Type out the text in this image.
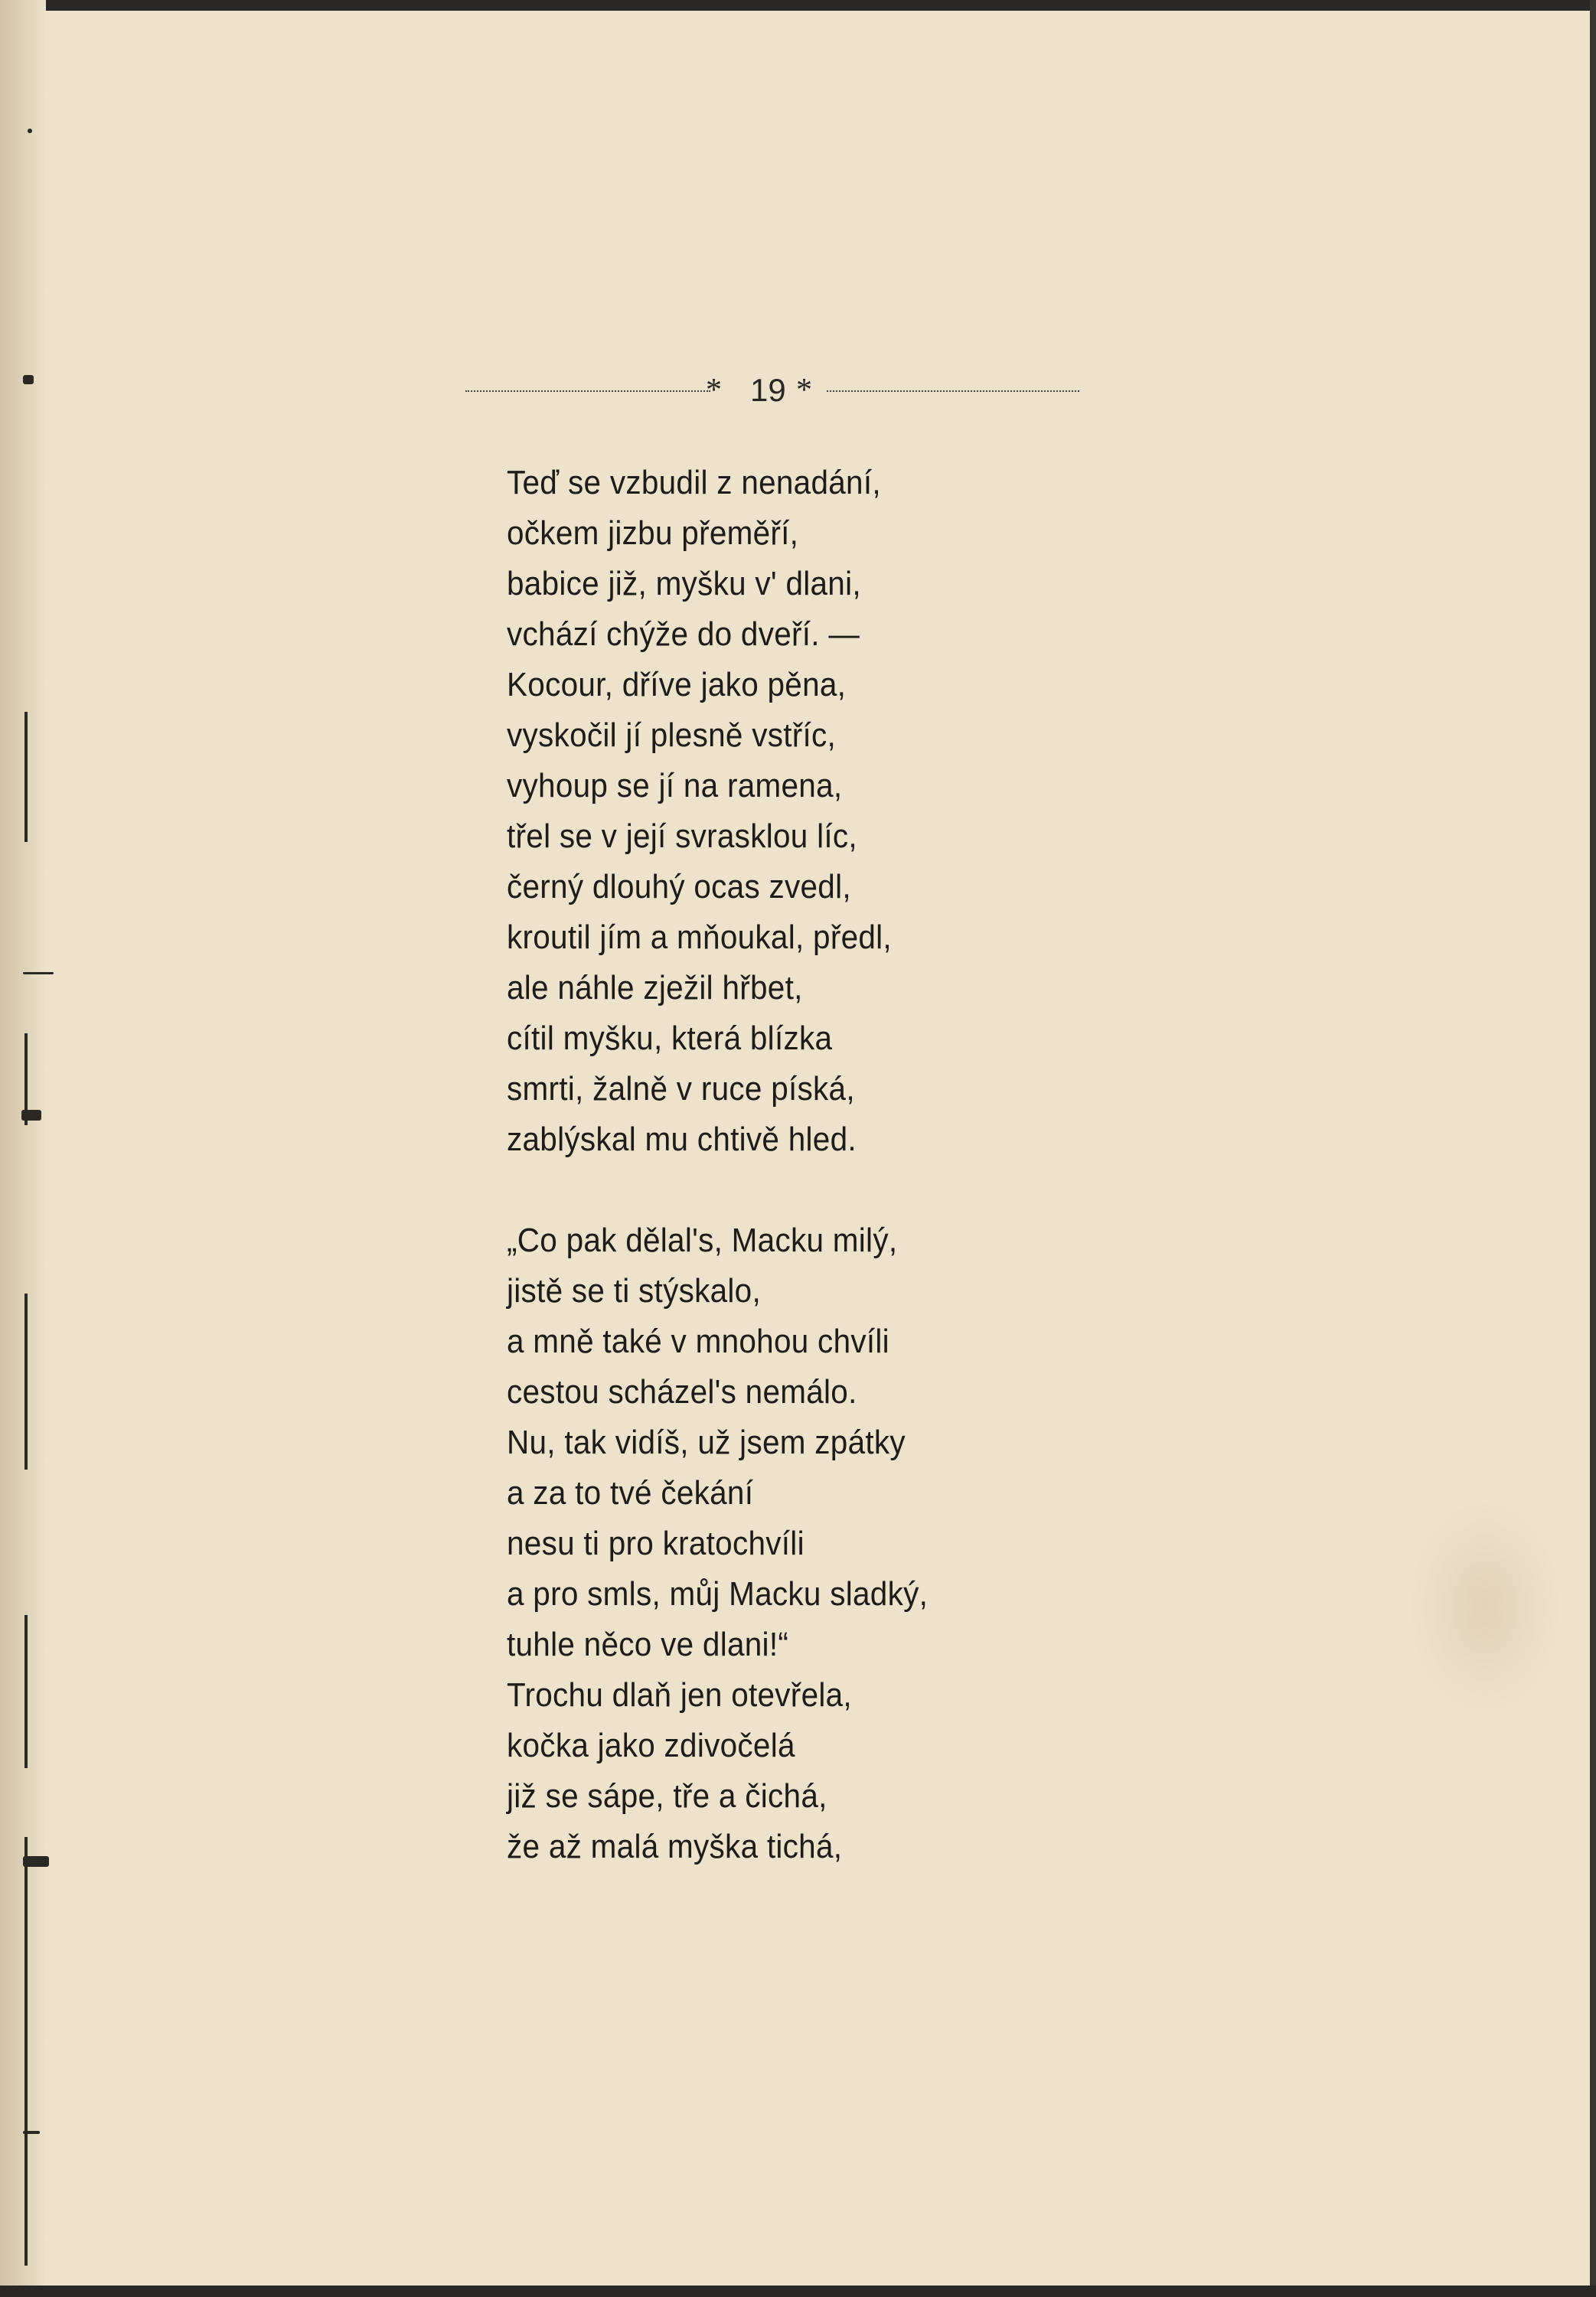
* 19 *
Teď se vzbudil z nenadání,
očkem jizbu přeměří,
babice již, myšku v' dlani,
vchází chýže do dveří. —
Kocour, dříve jako pěna,
vyskočil jí plesně vstříc,
vyhoup se jí na ramena,
třel se v její svrasklou líc,
černý dlouhý ocas zvedl,
kroutil jím a mňoukal, předl,
ale náhle zježil hřbet,
cítil myšku, která blízka
smrti, žalně v ruce píská,
zablýskal mu chtivě hled.
„Co pak dělal's, Macku milý,
jistě se ti stýskalo,
a mně také v mnohou chvíli
cestou scházel's nemálo.
Nu, tak vidíš, už jsem zpátky
a za to tvé čekání
nesu ti pro kratochvíli
a pro smls, můj Macku sladký,
tuhle něco ve dlani!“
Trochu dlaň jen otevřela,
kočka jako zdivočelá
již se sápe, tře a čichá,
že až malá myška tichá,
